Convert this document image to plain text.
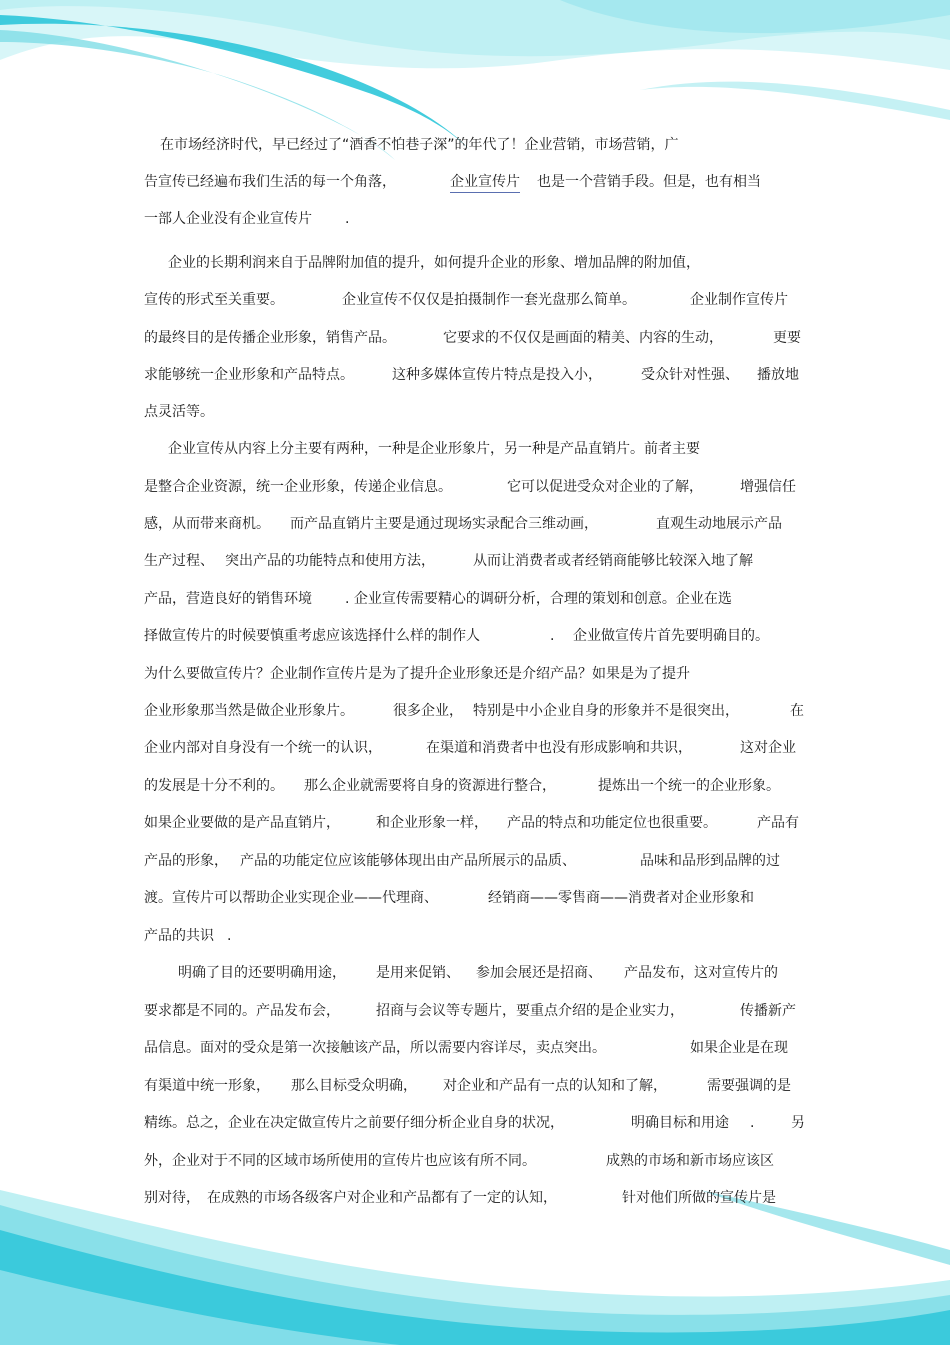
在市场经济时代，早已经过了“酒香不怕巷子深”的年代了！企业营销，市场营销，广
告宣传已经遍布我们生活的每一个角落，	企业宣传片 也是一个营销手段。但是，也有相当
一部人企业没有企业宣传片 .
企业的长期利润来自于品牌附加值的提升，如何提升企业的形象、增加品牌的附加值，
宣传的形式至关重要。	企业宣传不仅仅是拍摄制作一套光盘那么简单。	企业制作宣传片
的最终目的是传播企业形象，销售产品。	它要求的不仅仅是画面的精美、内容的生动，	更要
求能够统一企业形象和产品特点。	这种多媒体宣传片特点是投入小，	受众针对性强、 播放地
点灵活等。
企业宣传从内容上分主要有两种，一种是企业形象片，另一种是产品直销片。前者主要
是整合企业资源，统一企业形象，传递企业信息。	它可以促进受众对企业的了解，	增强信任
感，从而带来商机。 而产品直销片主要是通过现场实录配合三维动画，	直观生动地展示产品
生产过程、 突出产品的功能特点和使用方法，	从而让消费者或者经销商能够比较深入地了解
产品，营造良好的销售环境 . 企业宣传需要精心的调研分析，合理的策划和创意。企业在选
择做宣传片的时候要慎重考虑应该选择什么样的制作人	. 企业做宣传片首先要明确目的。
为什么要做宣传片？企业制作宣传片是为了提升企业形象还是介绍产品？如果是为了提升
企业形象那当然是做企业形象片。	很多企业， 特别是中小企业自身的形象并不是很突出，	在
企业内部对自身没有一个统一的认识，	在渠道和消费者中也没有形成影响和共识，	这对企业
的发展是十分不利的。 那么企业就需要将自身的资源进行整合，	提炼出一个统一的企业形象。
如果企业要做的是产品直销片，	和企业形象一样， 产品的特点和功能定位也很重要。	产品有
产品的形象， 产品的功能定位应该能够体现出由产品所展示的品质、	品味和品形到品牌的过
渡。宣传片可以帮助企业实现企业——代理商、	经销商——零售商——消费者对企业形象和
产品的共识 .
明确了目的还要明确用途， 是用来促销、 参加会展还是招商、 产品发布，这对宣传片的
要求都是不同的。产品发布会，	招商与会议等专题片，要重点介绍的是企业实力，	传播新产
品信息。面对的受众是第一次接触该产品，所以需要内容详尽，卖点突出。	如果企业是在现
有渠道中统一形象， 那么目标受众明确， 对企业和产品有一点的认知和了解，	需要强调的是
精练。总之，企业在决定做宣传片之前要仔细分析企业自身的状况，	明确目标和用途 .	另
外，企业对于不同的区域市场所使用的宣传片也应该有所不同。	成熟的市场和新市场应该区
别对待， 在成熟的市场各级客户对企业和产品都有了一定的认知，	针对他们所做的宣传片是
